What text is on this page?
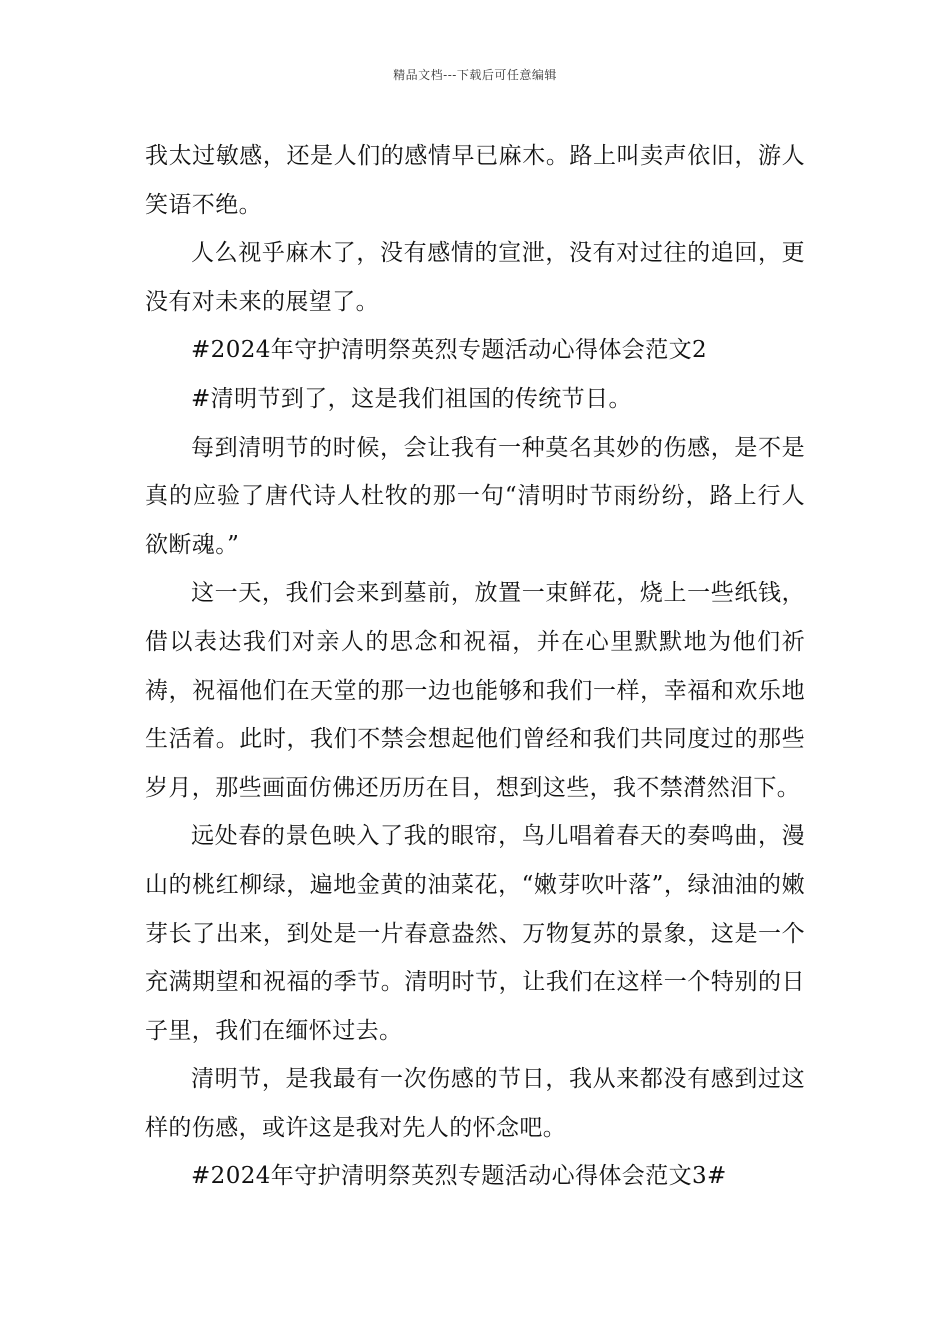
精品文档---下载后可任意编辑

我太过敏感，还是人们的感情早已麻木。路上叫卖声依旧，游人笑语不绝。

人么视乎麻木了，没有感情的宣泄，没有对过往的追回，更没有对未来的展望了。

#2024年守护清明祭英烈专题活动心得体会范文2

#清明节到了，这是我们祖国的传统节日。

每到清明节的时候，会让我有一种莫名其妙的伤感，是不是真的应验了唐代诗人杜牧的那一句“清明时节雨纷纷，路上行人欲断魂。”

这一天，我们会来到墓前，放置一束鲜花，烧上一些纸钱，借以表达我们对亲人的思念和祝福，并在心里默默地为他们祈祷，祝福他们在天堂的那一边也能够和我们一样，幸福和欢乐地生活着。此时，我们不禁会想起他们曾经和我们共同度过的那些岁月，那些画面仿佛还历历在目，想到这些，我不禁潸然泪下。

远处春的景色映入了我的眼帘，鸟儿唱着春天的奏鸣曲，漫山的桃红柳绿，遍地金黄的油菜花，“嫩芽吹叶落”，绿油油的嫩芽长了出来，到处是一片春意盎然、万物复苏的景象，这是一个充满期望和祝福的季节。清明时节，让我们在这样一个特别的日子里，我们在缅怀过去。

清明节，是我最有一次伤感的节日，我从来都没有感到过这样的伤感，或许这是我对先人的怀念吧。

#2024年守护清明祭英烈专题活动心得体会范文3#
